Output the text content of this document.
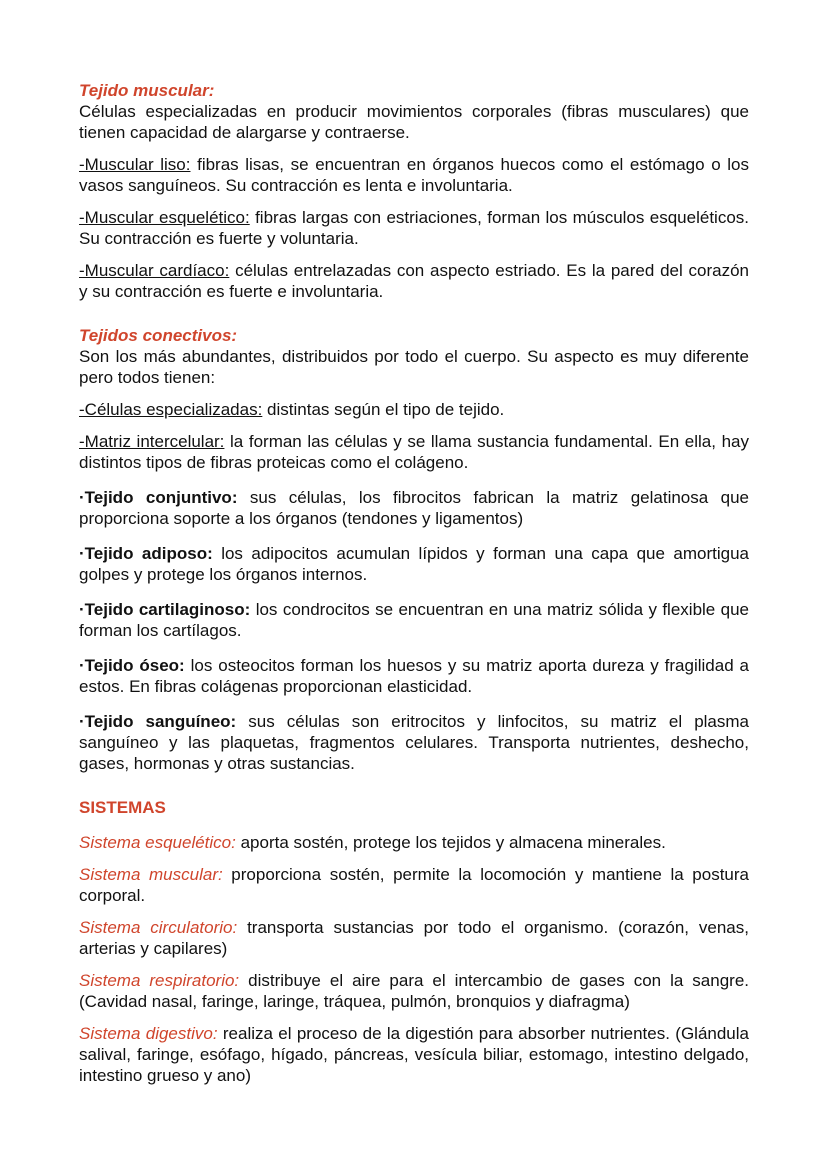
Tejido muscular:

Células especializadas en producir movimientos corporales (fibras musculares) que tienen capacidad de alargarse y contraerse.

-Muscular liso: fibras lisas, se encuentran en órganos huecos como el estómago o los vasos sanguíneos. Su contracción es lenta e involuntaria.

-Muscular esquelético: fibras largas con estriaciones, forman los músculos esqueléticos. Su contracción es fuerte y voluntaria.

-Muscular cardíaco: células entrelazadas con aspecto estriado. Es la pared del corazón y su contracción es fuerte e involuntaria.

Tejidos conectivos:

Son los más abundantes, distribuidos por todo el cuerpo. Su aspecto es muy diferente pero todos tienen:

-Células especializadas: distintas según el tipo de tejido.

-Matriz intercelular: la forman las células y se llama sustancia fundamental. En ella, hay distintos tipos de fibras proteicas como el colágeno.

·Tejido conjuntivo: sus células, los fibrocitos fabrican la matriz gelatinosa que proporciona soporte a los órganos (tendones y ligamentos)

·Tejido adiposo: los adipocitos acumulan lípidos y forman una capa que amortigua golpes y protege los órganos internos.

·Tejido cartilaginoso: los condrocitos se encuentran en una matriz sólida y flexible que forman los cartílagos.

·Tejido óseo: los osteocitos forman los huesos y su matriz aporta dureza y fragilidad a estos. En fibras colágenas proporcionan elasticidad.

·Tejido sanguíneo: sus células son eritrocitos y linfocitos, su matriz el plasma sanguíneo y las plaquetas, fragmentos celulares. Transporta nutrientes, deshecho, gases, hormonas y otras sustancias.

SISTEMAS

Sistema esquelético: aporta sostén, protege los tejidos y almacena minerales.

Sistema muscular: proporciona sostén, permite la locomoción y mantiene la postura corporal.

Sistema circulatorio: transporta sustancias por todo el organismo. (corazón, venas, arterias y capilares)

Sistema respiratorio: distribuye el aire para el intercambio de gases con la sangre. (Cavidad nasal, faringe, laringe, tráquea, pulmón, bronquios y diafragma)

Sistema digestivo: realiza el proceso de la digestión para absorber nutrientes. (Glándula salival, faringe, esófago, hígado, páncreas, vesícula biliar, estomago, intestino delgado, intestino grueso y ano)
